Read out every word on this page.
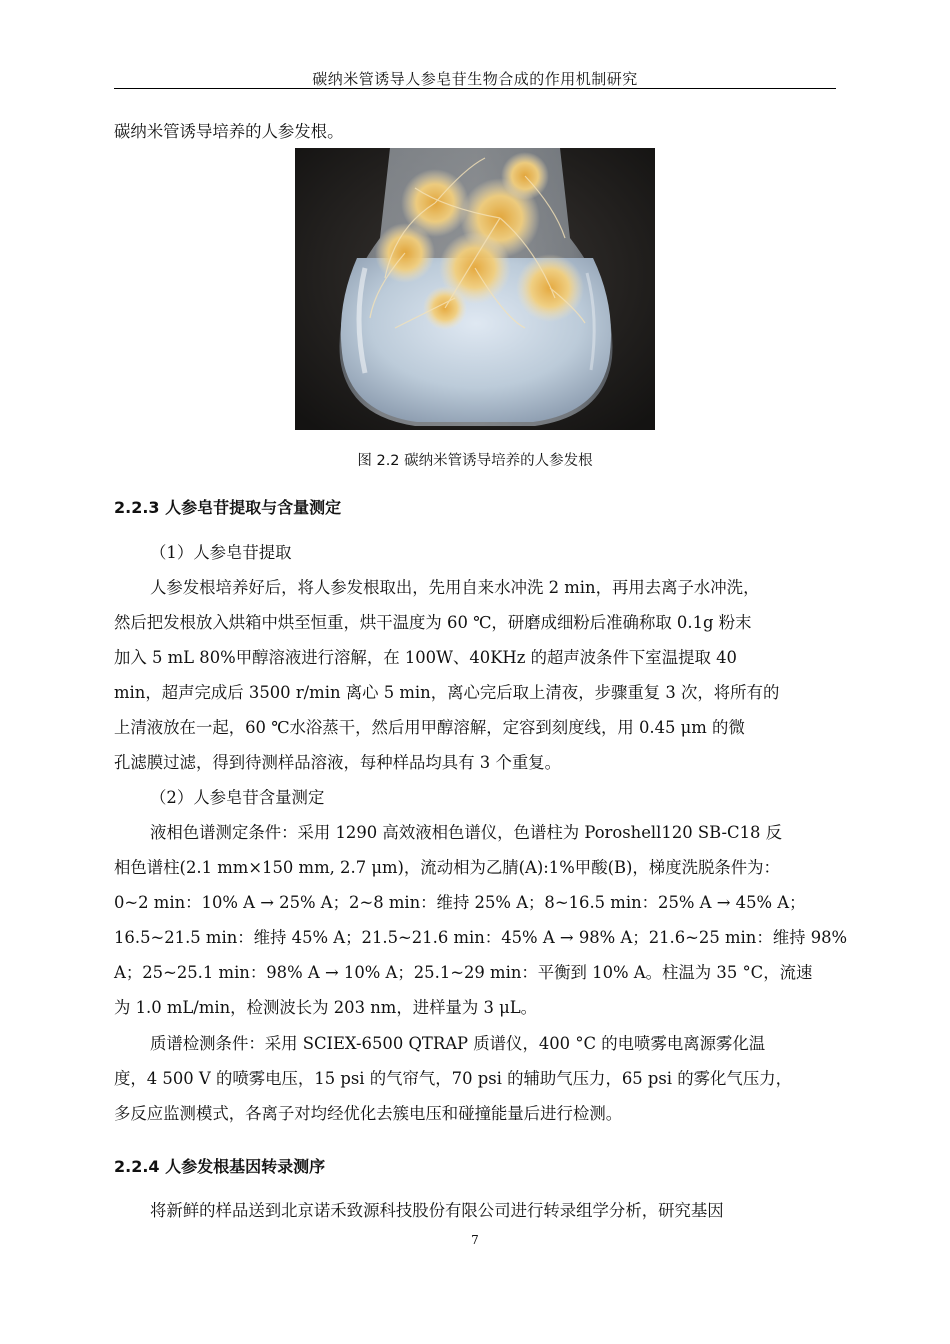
碳纳米管诱导人参皂苷生物合成的作用机制研究
碳纳米管诱导培养的人参发根。
图 2.2 碳纳米管诱导培养的人参发根
2.2.3 人参皂苷提取与含量测定
（1）人参皂苷提取
人参发根培养好后，将人参发根取出，先用自来水冲洗 2 min，再用去离子水冲洗，
然后把发根放入烘箱中烘至恒重，烘干温度为 60 ℃，研磨成细粉后准确称取 0.1g 粉末
加入 5 mL 80%甲醇溶液进行溶解，在 100W、40KHz 的超声波条件下室温提取 40
min，超声完成后 3500 r/min 离心 5 min，离心完后取上清夜，步骤重复 3 次，将所有的
上清液放在一起，60 ℃水浴蒸干，然后用甲醇溶解，定容到刻度线，用 0.45 μm 的微
孔滤膜过滤，得到待测样品溶液，每种样品均具有 3 个重复。
（2）人参皂苷含量测定
液相色谱测定条件：采用 1290 高效液相色谱仪，色谱柱为 Poroshell120 SB-C18 反
相色谱柱(2.1 mm×150 mm, 2.7 μm)，流动相为乙腈(A):1%甲酸(B)，梯度洗脱条件为：
0~2 min：10% A → 25% A；2~8 min：维持 25% A；8~16.5 min：25% A → 45% A；
16.5~21.5 min：维持 45% A；21.5~21.6 min：45% A → 98% A；21.6~25 min：维持 98%
A；25~25.1 min：98% A → 10% A；25.1~29 min：平衡到 10% A。柱温为 35 °C，流速
为 1.0 mL/min，检测波长为 203 nm，进样量为 3 μL。
质谱检测条件：采用 SCIEX-6500 QTRAP 质谱仪，400 °C 的电喷雾电离源雾化温
度，4 500 V 的喷雾电压，15 psi 的气帘气，70 psi 的辅助气压力，65 psi 的雾化气压力，
多反应监测模式，各离子对均经优化去簇电压和碰撞能量后进行检测。
2.2.4 人参发根基因转录测序
将新鲜的样品送到北京诺禾致源科技股份有限公司进行转录组学分析，研究基因
7
